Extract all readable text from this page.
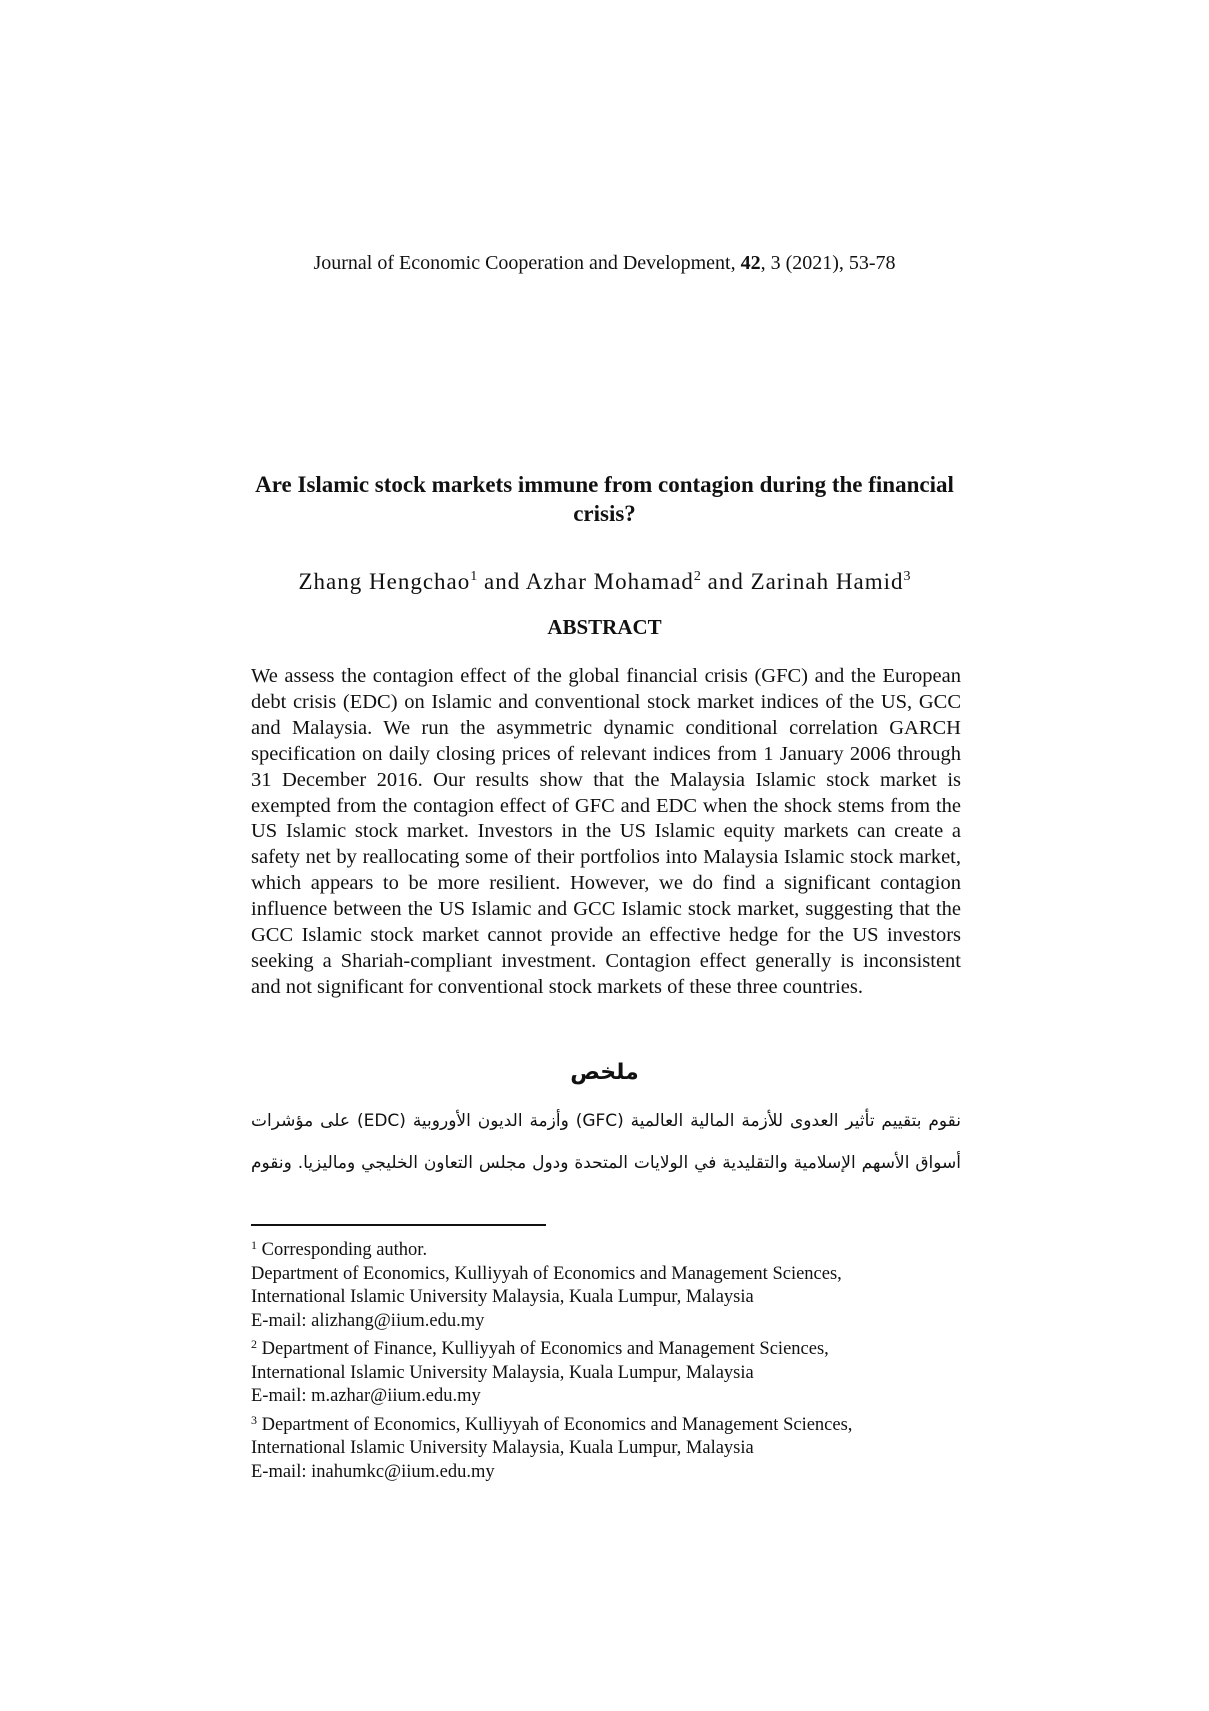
Journal of Economic Cooperation and Development, 42, 3 (2021), 53-78
Are Islamic stock markets immune from contagion during the financial crisis?
Zhang Hengchao$^1$ and Azhar Mohamad$^2$ and Zarinah Hamid$^3$
ABSTRACT
We assess the contagion effect of the global financial crisis (GFC) and the European debt crisis (EDC) on Islamic and conventional stock market indices of the US, GCC and Malaysia. We run the asymmetric dynamic conditional correlation GARCH specification on daily closing prices of relevant indices from 1 January 2006 through 31 December 2016. Our results show that the Malaysia Islamic stock market is exempted from the contagion effect of GFC and EDC when the shock stems from the US Islamic stock market. Investors in the US Islamic equity markets can create a safety net by reallocating some of their portfolios into Malaysia Islamic stock market, which appears to be more resilient. However, we do find a significant contagion influence between the US Islamic and GCC Islamic stock market, suggesting that the GCC Islamic stock market cannot provide an effective hedge for the US investors seeking a Shariah-compliant investment. Contagion effect generally is inconsistent and not significant for conventional stock markets of these three countries.
ملخص
نقوم بتقييم تأثير العدوى للأزمة المالية العالمية (GFC) وأزمة الديون الأوروبية (EDC) على مؤشرات
أسواق الأسهم الإسلامية والتقليدية في الولايات المتحدة ودول مجلس التعاون الخليجي وماليزيا. ونقوم
$^1$ Corresponding author.
Department of Economics, Kulliyyah of Economics and Management Sciences,
International Islamic University Malaysia, Kuala Lumpur, Malaysia
E-mail: alizhang@iium.edu.my
$^2$ Department of Finance, Kulliyyah of Economics and Management Sciences,
International Islamic University Malaysia, Kuala Lumpur, Malaysia
E-mail: m.azhar@iium.edu.my
$^3$ Department of Economics, Kulliyyah of Economics and Management Sciences,
International Islamic University Malaysia, Kuala Lumpur, Malaysia
E-mail: inahumkc@iium.edu.my
